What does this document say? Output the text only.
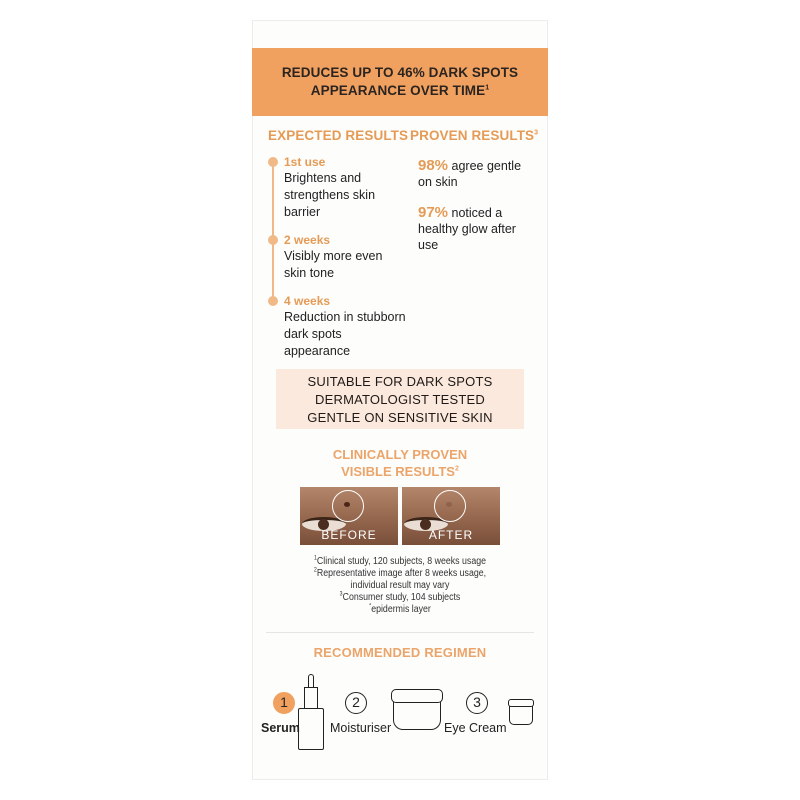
REDUCES UP TO 46% DARK SPOTS
APPEARANCE OVER TIME$^1$
EXPECTED RESULTS PROVEN RESULTS$^3$
1st use
Brightens and strengthens skin barrier
2 weeks
Visibly more even skin tone
4 weeks
Reduction in stubborn dark spots appearance
98% agree gentle on skin
97% noticed a healthy glow after use
SUITABLE FOR DARK SPOTS
DERMATOLOGIST TESTED
GENTLE ON SENSITIVE SKIN
CLINICALLY PROVEN
VISIBLE RESULTS$^2$
BEFORE	AFTER
$^1$Clinical study, 120 subjects, 8 weeks usage
$^2$Representative image after 8 weeks usage, individual result may vary
$^3$Consumer study, 104 subjects
*epidermis layer
RECOMMENDED REGIMEN
1
Serum
2
Moisturiser
3
Eye Cream
